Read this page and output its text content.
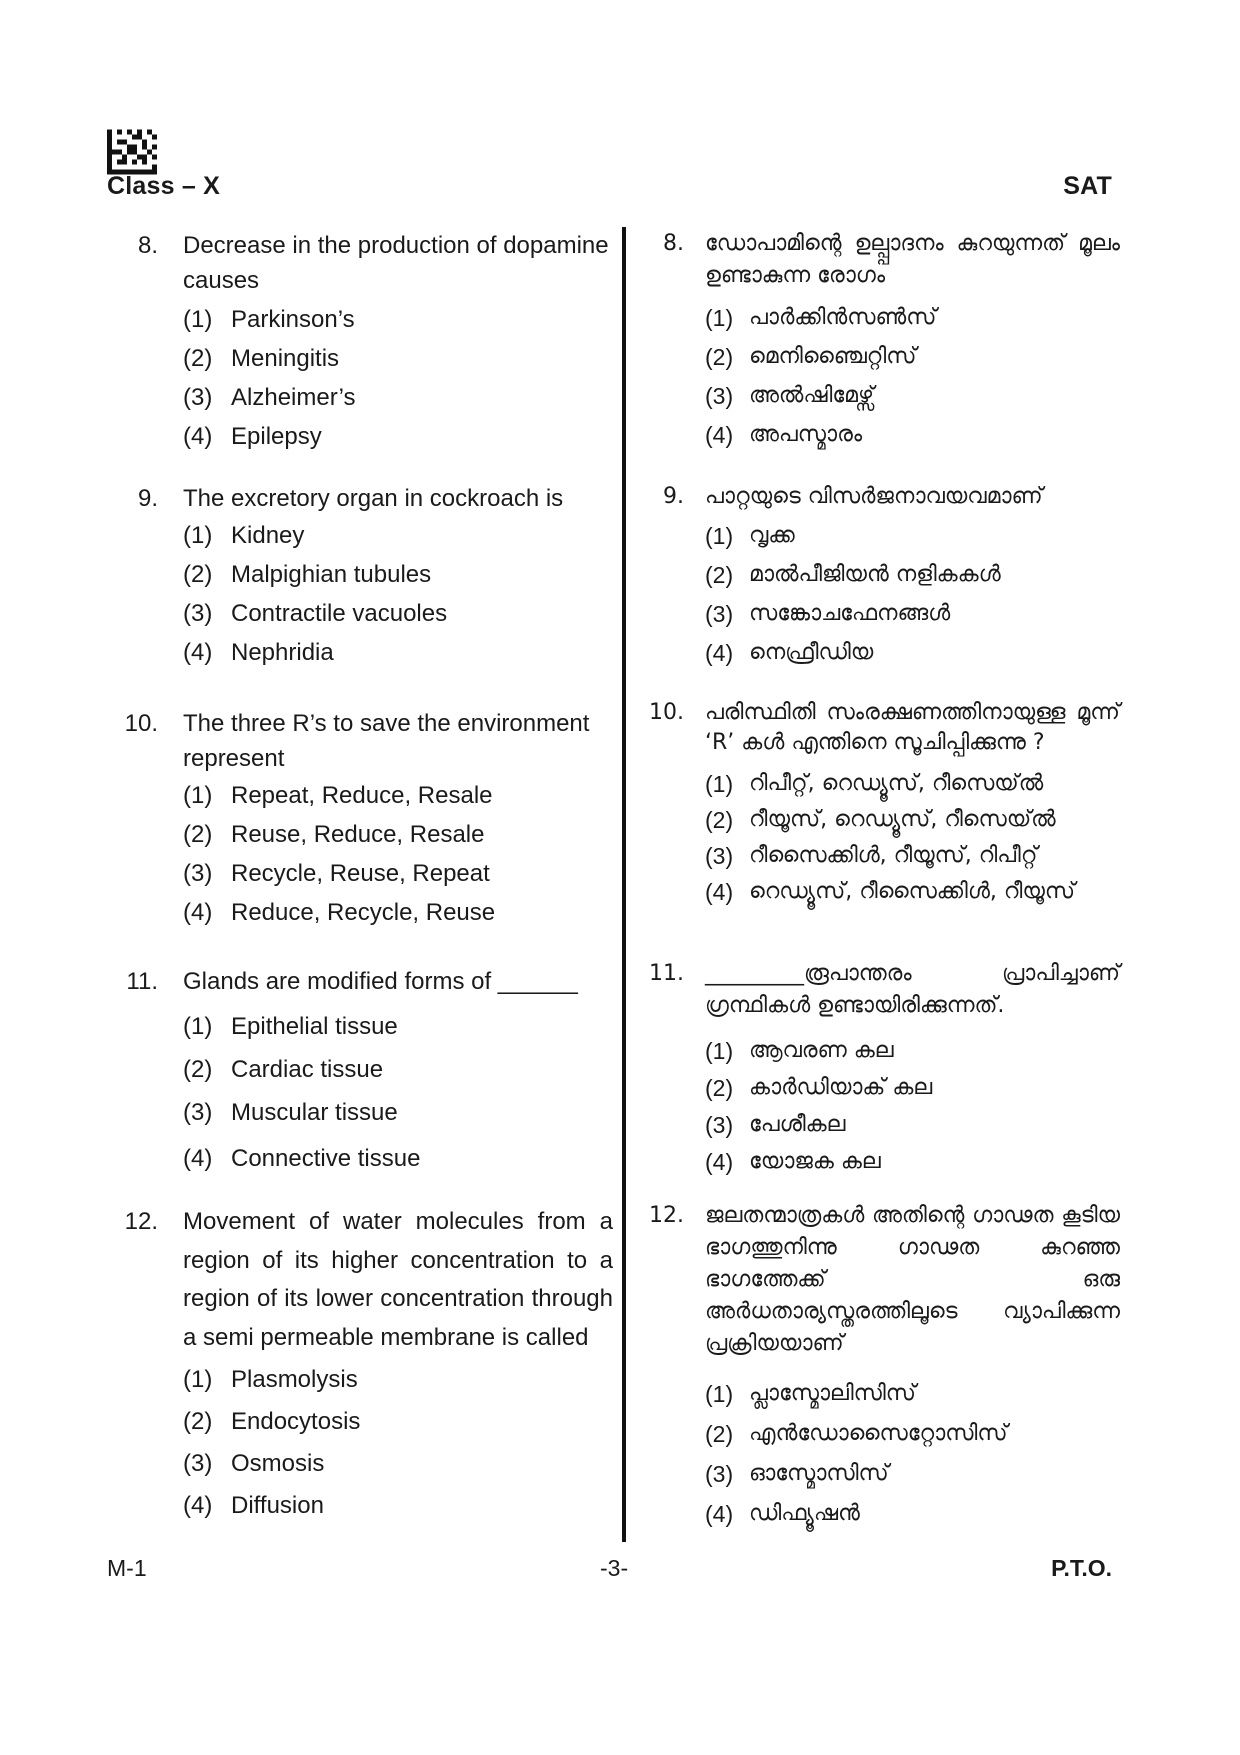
Class – X	SAT
8. Decrease in the production of dopamine causes
(1) Parkinson’s
(2) Meningitis
(3) Alzheimer’s
(4) Epilepsy
9. The excretory organ in cockroach is
(1) Kidney
(2) Malpighian tubules
(3) Contractile vacuoles
(4) Nephridia
10. The three R’s to save the environment represent
(1) Repeat, Reduce, Resale
(2) Reuse, Reduce, Resale
(3) Recycle, Reuse, Repeat
(4) Reduce, Recycle, Reuse
11. Glands are modified forms of ______
(1) Epithelial tissue
(2) Cardiac tissue
(3) Muscular tissue
(4) Connective tissue
12. Movement of water molecules from a region of its higher concentration to a region of its lower concentration through a semi permeable membrane is called
(1) Plasmolysis
(2) Endocytosis
(3) Osmosis
(4) Diffusion
8. ഡോപാമിന്റെ ഉല്പ്പാദനം കുറയുന്നത് മൂലം ഉണ്ടാകുന്ന രോഗം
(1) പാർക്കിൻസൺസ്
(2) മെനിഞ്ചൈറ്റിസ്
(3) അൽഷിമേഴ്സ്
(4) അപസ്മാരം
9. പാറ്റയുടെ വിസർജനാവയവമാണ്
(1) വൃക്ക
(2) മാൽപീജിയൻ നളികകൾ
(3) സങ്കോചഫേനങ്ങൾ
(4) നെഫ്രീഡിയ
10. പരിസ്ഥിതി സംരക്ഷണത്തിനായുള്ള മൂന്ന് ‘R’ കൾ എന്തിനെ സൂചിപ്പിക്കുന്നു ?
(1) റിപീറ്റ്, റെഡ്യൂസ്, റീസെയ്ൽ
(2) റീയൂസ്, റെഡ്യൂസ്, റീസെയ്ൽ
(3) റീസൈക്കിൾ, റീയൂസ്, റിപീറ്റ്
(4) റെഡ്യൂസ്, റീസൈക്കിൾ, റീയൂസ്
11. _________രൂപാന്തരം പ്രാപിച്ചാണ് ഗ്രന്ഥികൾ ഉണ്ടായിരിക്കുന്നത്.
(1) ആവരണ കല
(2) കാർഡിയാക് കല
(3) പേശീകല
(4) യോജക കല
12. ജലതന്മാത്രകൾ അതിന്റെ ഗാഢത കൂടിയ ഭാഗത്തുനിന്നു ഗാഢത കുറഞ്ഞ ഭാഗത്തേക്ക് ഒരു അർധതാര്യസ്തരത്തിലൂടെ വ്യാപിക്കുന്ന പ്രക്രിയയാണ്
(1) പ്ലാസ്മോലിസിസ്
(2) എൻഡോസൈറ്റോസിസ്
(3) ഓസ്മോസിസ്
(4) ഡിഫ്യൂഷൻ
M-1	-3-	P.T.O.
